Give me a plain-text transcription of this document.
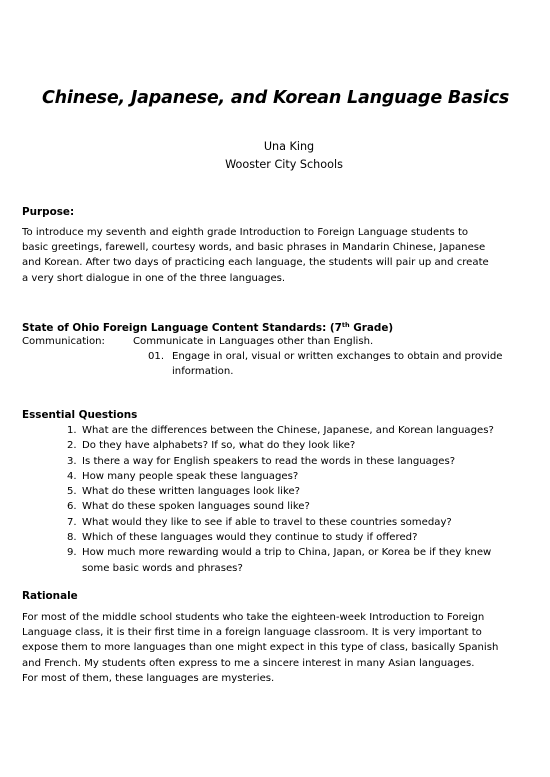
Chinese, Japanese, and Korean Language Basics
Una King
Wooster City Schools
Purpose:
To introduce my seventh and eighth grade Introduction to Foreign Language students to
basic greetings, farewell, courtesy words, and basic phrases in Mandarin Chinese, Japanese
and Korean. After two days of practicing each language, the students will pair up and create
a very short dialogue in one of the three languages.
State of Ohio Foreign Language Content Standards: (7th Grade)
Communication:	Communicate in Languages other than English.
01. Engage in oral, visual or written exchanges to obtain and provide
information.
Essential Questions
1. What are the differences between the Chinese, Japanese, and Korean languages?
2. Do they have alphabets? If so, what do they look like?
3. Is there a way for English speakers to read the words in these languages?
4. How many people speak these languages?
5. What do these written languages look like?
6. What do these spoken languages sound like?
7. What would they like to see if able to travel to these countries someday?
8. Which of these languages would they continue to study if offered?
9. How much more rewarding would a trip to China, Japan, or Korea be if they knew
some basic words and phrases?
Rationale
For most of the middle school students who take the eighteen-week Introduction to Foreign
Language class, it is their first time in a foreign language classroom. It is very important to
expose them to more languages than one might expect in this type of class, basically Spanish
and French. My students often express to me a sincere interest in many Asian languages.
For most of them, these languages are mysteries.
